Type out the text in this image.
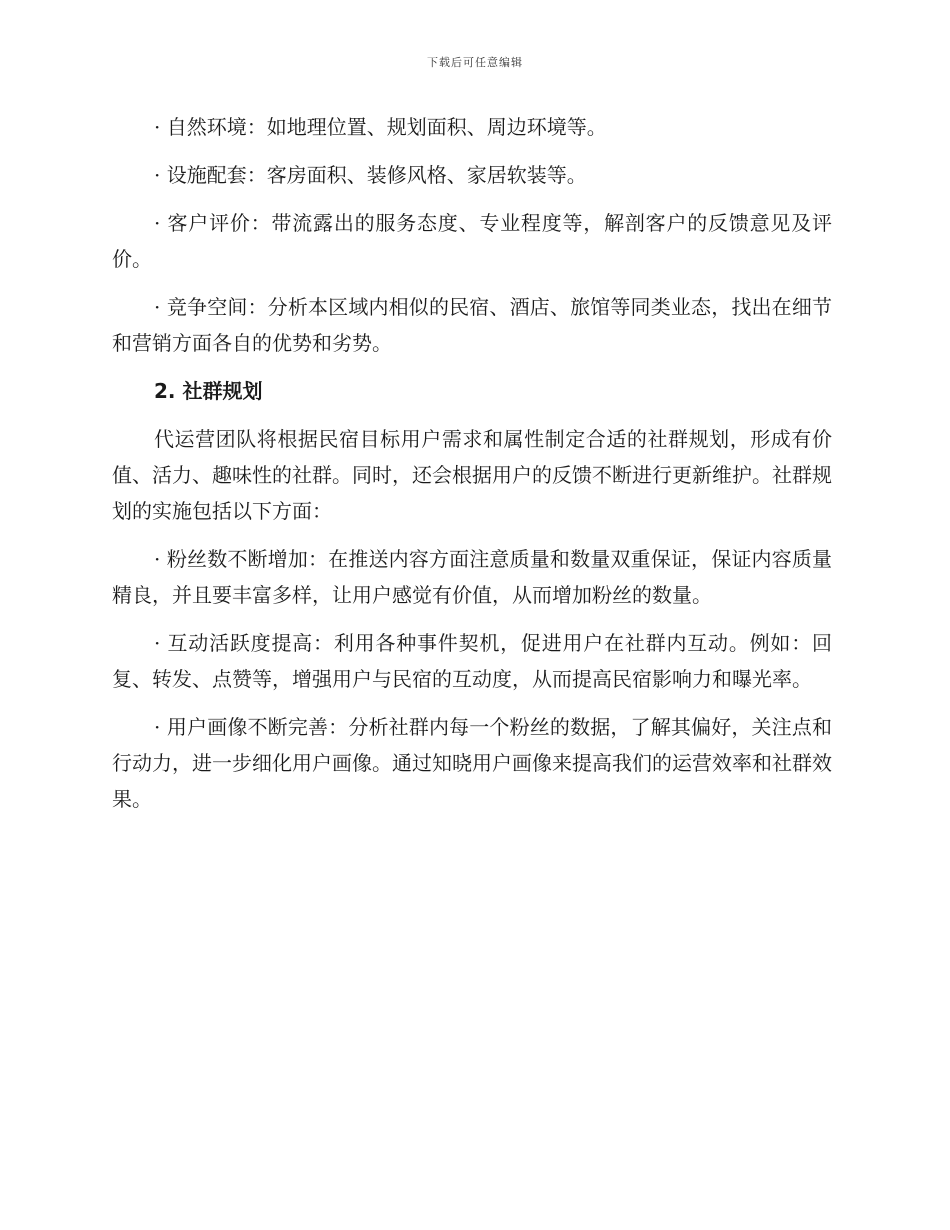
下载后可任意编辑

· 自然环境：如地理位置、规划面积、周边环境等。

· 设施配套：客房面积、装修风格、家居软装等。

· 客户评价：带流露出的服务态度、专业程度等，解剖客户的反馈意见及评价。

· 竞争空间：分析本区域内相似的民宿、酒店、旅馆等同类业态，找出在细节和营销方面各自的优势和劣势。

2. 社群规划

代运营团队将根据民宿目标用户需求和属性制定合适的社群规划，形成有价值、活力、趣味性的社群。同时，还会根据用户的反馈不断进行更新维护。社群规划的实施包括以下方面：

· 粉丝数不断增加：在推送内容方面注意质量和数量双重保证，保证内容质量精良，并且要丰富多样，让用户感觉有价值，从而增加粉丝的数量。

· 互动活跃度提高：利用各种事件契机，促进用户在社群内互动。例如：回复、转发、点赞等，增强用户与民宿的互动度，从而提高民宿影响力和曝光率。

· 用户画像不断完善：分析社群内每一个粉丝的数据，了解其偏好，关注点和行动力，进一步细化用户画像。通过知晓用户画像来提高我们的运营效率和社群效果。
